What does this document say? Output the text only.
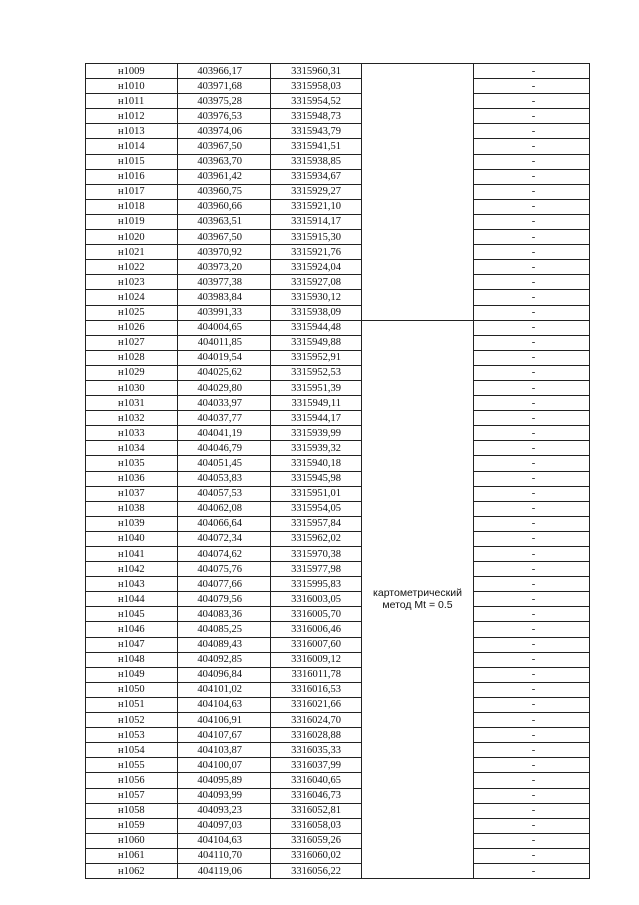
н1009	403966,17	3315960,31		-
н1010	403971,68	3315958,03		-
н1011	403975,28	3315954,52		-
н1012	403976,53	3315948,73		-
н1013	403974,06	3315943,79		-
н1014	403967,50	3315941,51		-
н1015	403963,70	3315938,85		-
н1016	403961,42	3315934,67		-
н1017	403960,75	3315929,27		-
н1018	403960,66	3315921,10		-
н1019	403963,51	3315914,17		-
н1020	403967,50	3315915,30		-
н1021	403970,92	3315921,76		-
н1022	403973,20	3315924,04		-
н1023	403977,38	3315927,08		-
н1024	403983,84	3315930,12		-
н1025	403991,33	3315938,09		-
н1026	404004,65	3315944,48	картометрический метод Mt = 0.5	-
н1027	404011,85	3315949,88		-
н1028	404019,54	3315952,91		-
н1029	404025,62	3315952,53		-
н1030	404029,80	3315951,39		-
н1031	404033,97	3315949,11		-
н1032	404037,77	3315944,17		-
н1033	404041,19	3315939,99		-
н1034	404046,79	3315939,32		-
н1035	404051,45	3315940,18		-
н1036	404053,83	3315945,98		-
н1037	404057,53	3315951,01		-
н1038	404062,08	3315954,05		-
н1039	404066,64	3315957,84		-
н1040	404072,34	3315962,02		-
н1041	404074,62	3315970,38		-
н1042	404075,76	3315977,98		-
н1043	404077,66	3315995,83		-
н1044	404079,56	3316003,05		-
н1045	404083,36	3316005,70		-
н1046	404085,25	3316006,46		-
н1047	404089,43	3316007,60		-
н1048	404092,85	3316009,12		-
н1049	404096,84	3316011,78		-
н1050	404101,02	3316016,53		-
н1051	404104,63	3316021,66		-
н1052	404106,91	3316024,70		-
н1053	404107,67	3316028,88		-
н1054	404103,87	3316035,33		-
н1055	404100,07	3316037,99		-
н1056	404095,89	3316040,65		-
н1057	404093,99	3316046,73		-
н1058	404093,23	3316052,81		-
н1059	404097,03	3316058,03		-
н1060	404104,63	3316059,26		-
н1061	404110,70	3316060,02		-
н1062	404119,06	3316056,22		-
